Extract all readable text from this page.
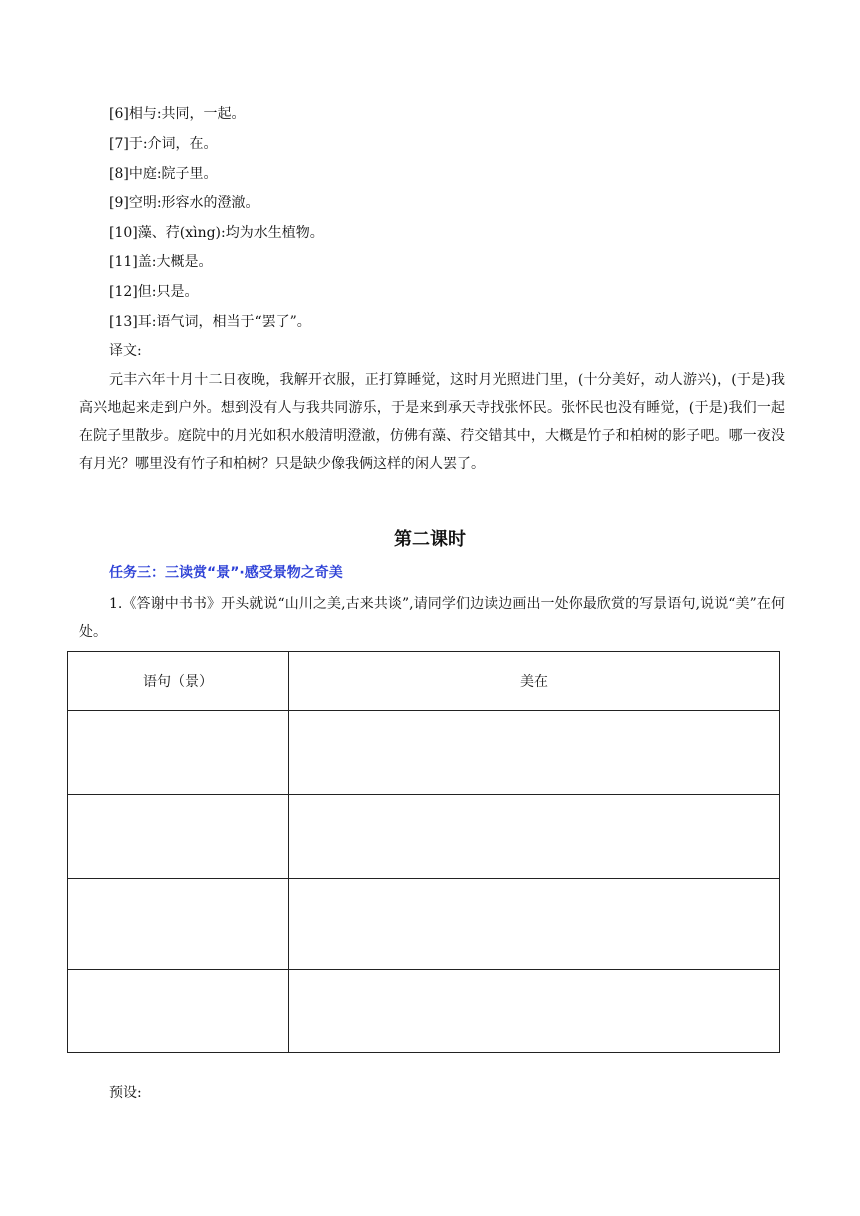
[6]相与:共同，一起。
[7]于:介词，在。
[8]中庭:院子里。
[9]空明:形容水的澄澈。
[10]藻、荇(xìng):均为水生植物。
[11]盖:大概是。
[12]但:只是。
[13]耳:语气词，相当于“罢了”。
译文:
元丰六年十月十二日夜晚，我解开衣服，正打算睡觉，这时月光照进门里，(十分美好，动人游兴)，(于是)我高兴地起来走到户外。想到没有人与我共同游乐，于是来到承天寺找张怀民。张怀民也没有睡觉，(于是)我们一起在院子里散步。庭院中的月光如积水般清明澄澈，仿佛有藻、荇交错其中，大概是竹子和柏树的影子吧。哪一夜没有月光？哪里没有竹子和柏树？只是缺少像我俩这样的闲人罢了。
第二课时
任务三：三读赏“景”·感受景物之奇美
1.《答谢中书书》开头就说“山川之美,古来共谈”,请同学们边读边画出一处你最欣赏的写景语句,说说“美”在何处。
语句（景）	美在

预设:
